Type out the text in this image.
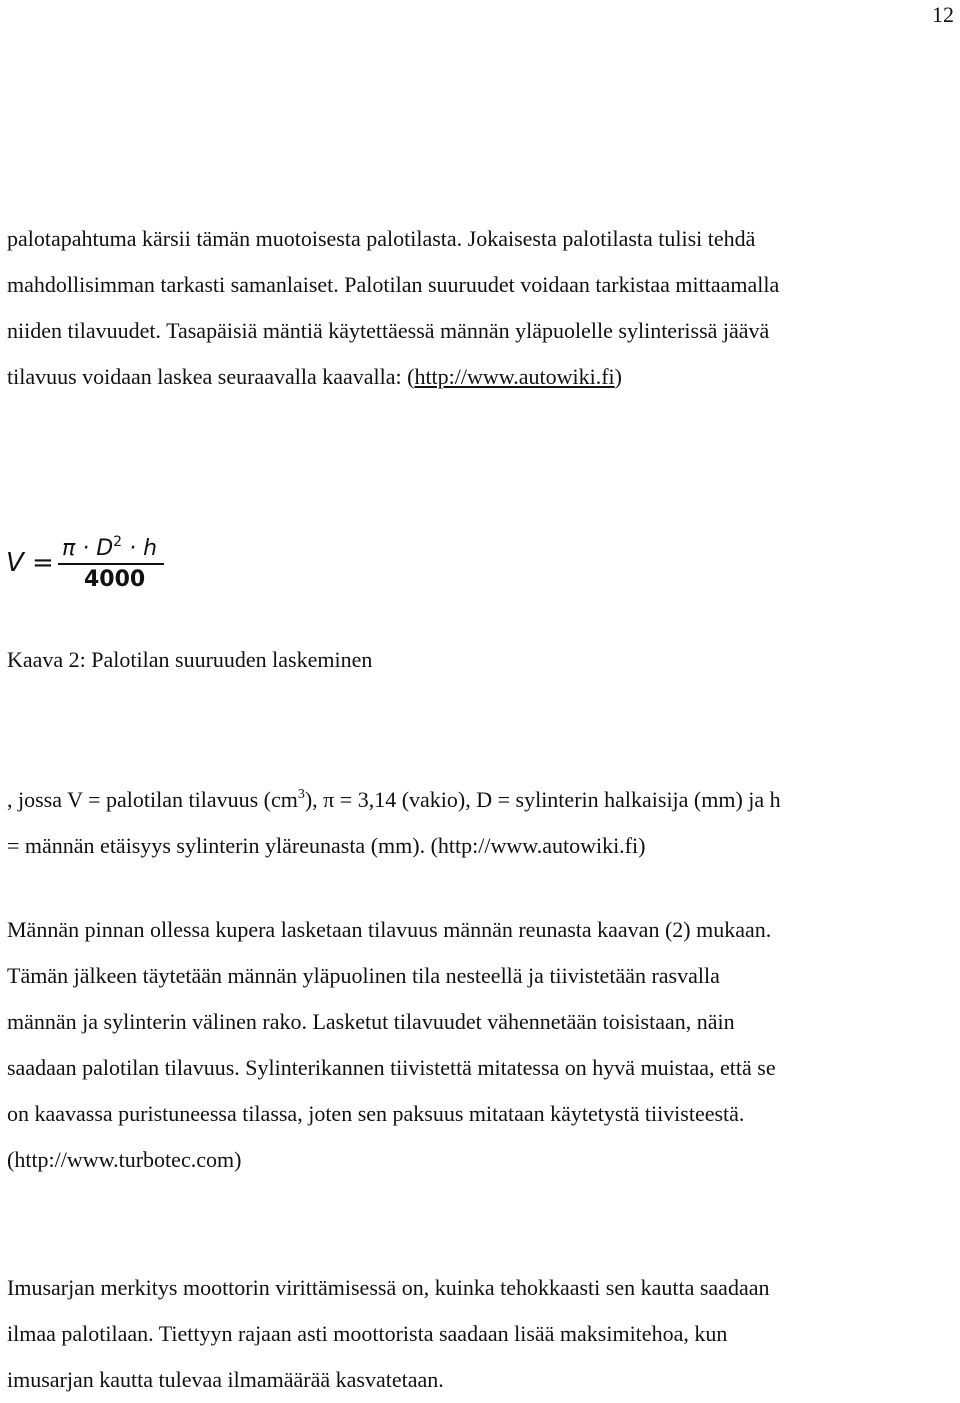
12
palotapahtuma kärsii tämän muotoisesta palotilasta. Jokaisesta palotilasta tulisi tehdä
mahdollisimman tarkasti samanlaiset. Palotilan suuruudet voidaan tarkistaa mittaamalla
niiden tilavuudet. Tasapäisiä mäntiä käytettäessä männän yläpuolelle sylinterissä jäävä
tilavuus voidaan laskea seuraavalla kaavalla: (http://www.autowiki.fi)
$V = \pi \cdot D^2 \cdot h$
4000
Kaava 2: Palotilan suuruuden laskeminen
, jossa V = palotilan tilavuus $(cm^3)$, π = 3,14 (vakio), D = sylinterin halkaisija (mm) ja h
= männän etäisyys sylinterin yläreunasta (mm). (http://www.autowiki.fi)
Männän pinnan ollessa kupera lasketaan tilavuus männän reunasta kaavan (2) mukaan.
Tämän jälkeen täytetään männän yläpuolinen tila nesteellä ja tiivistetään rasvalla
männän ja sylinterin välinen rako. Lasketut tilavuudet vähennetään toisistaan, näin
saadaan palotilan tilavuus. Sylinterikannen tiivistettä mitatessa on hyvä muistaa, että se
on kaavassa puristuneessa tilassa, joten sen paksuus mitataan käytetystä tiivisteestä.
(http://www.turbotec.com)
Imusarjan merkitys moottorin virittämisessä on, kuinka tehokkaasti sen kautta saadaan
ilmaa palotilaan. Tiettyyn rajaan asti moottorista saadaan lisää maksimitehoa, kun
imusarjan kautta tulevaa ilmamäärää kasvatetaan.
